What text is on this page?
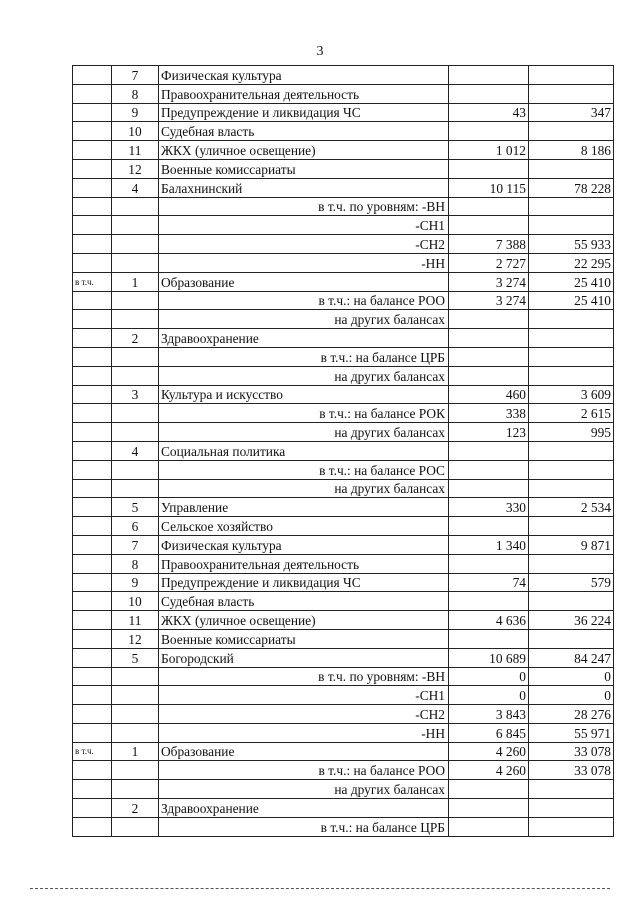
3
	7	Физическая культура		
	8	Правоохранительная деятельность		
	9	Предупреждение и ликвидация ЧС	43	347
	10	Судебная власть		
	11	ЖКХ (уличное освещение)	1 012	8 186
	12	Военные комиссариаты		
	4	Балахнинский	10 115	78 228
		в т.ч. по уровням: -ВН		
		-СН1		
		-СН2	7 388	55 933
		-НН	2 727	22 295
в т.ч.	1	Образование	3 274	25 410
		в т.ч.: на балансе РОО	3 274	25 410
		на других балансах		
	2	Здравоохранение		
		в т.ч.: на балансе ЦРБ		
		на других балансах		
	3	Культура и искусство	460	3 609
		в т.ч.: на балансе РОК	338	2 615
		на других балансах	123	995
	4	Социальная политика		
		в т.ч.: на балансе РОС		
		на других балансах		
	5	Управление	330	2 534
	6	Сельское хозяйство		
	7	Физическая культура	1 340	9 871
	8	Правоохранительная деятельность		
	9	Предупреждение и ликвидация ЧС	74	579
	10	Судебная власть		
	11	ЖКХ (уличное освещение)	4 636	36 224
	12	Военные комиссариаты		
	5	Богородский	10 689	84 247
		в т.ч. по уровням: -ВН	0	0
		-СН1	0	0
		-СН2	3 843	28 276
		-НН	6 845	55 971
в т.ч.	1	Образование	4 260	33 078
		в т.ч.: на балансе РОО	4 260	33 078
		на других балансах		
	2	Здравоохранение		
		в т.ч.: на балансе ЦРБ		
